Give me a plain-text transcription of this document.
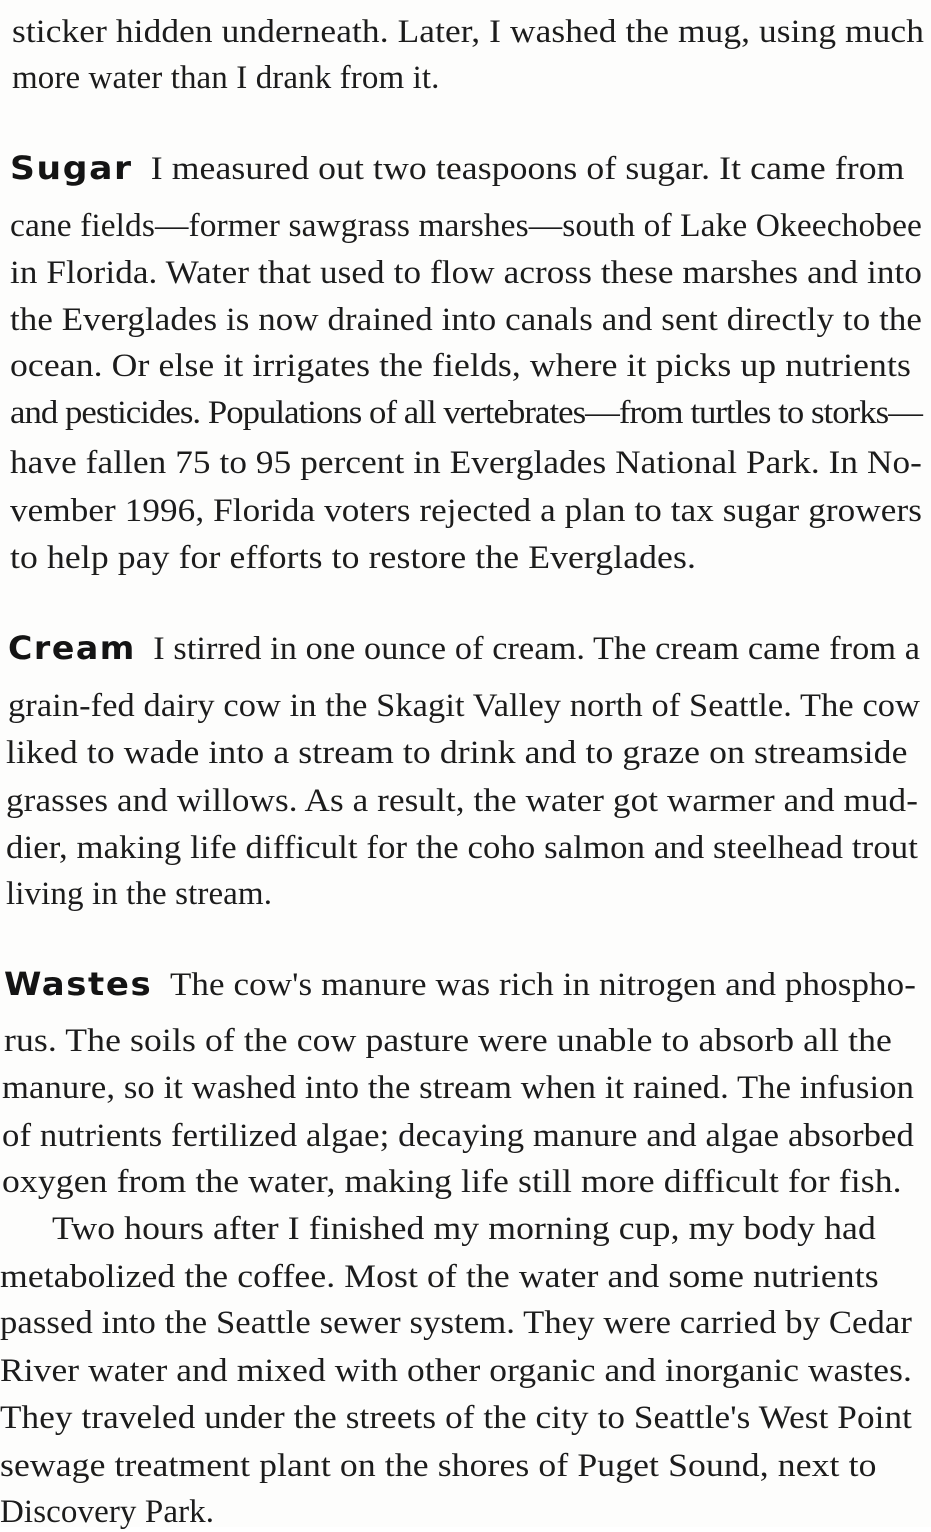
sticker hidden underneath. Later, I washed the mug, using much
more water than I drank from it.
Sugar I measured out two teaspoons of sugar. It came from
cane fields—former sawgrass marshes—south of Lake Okeechobee
in Florida. Water that used to flow across these marshes and into
the Everglades is now drained into canals and sent directly to the
ocean. Or else it irrigates the fields, where it picks up nutrients
and pesticides. Populations of all vertebrates—from turtles to storks—
have fallen 75 to 95 percent in Everglades National Park. In No-
vember 1996, Florida voters rejected a plan to tax sugar growers
to help pay for efforts to restore the Everglades.
Cream I stirred in one ounce of cream. The cream came from a
grain-fed dairy cow in the Skagit Valley north of Seattle. The cow
liked to wade into a stream to drink and to graze on streamside
grasses and willows. As a result, the water got warmer and mud-
dier, making life difficult for the coho salmon and steelhead trout
living in the stream.
Wastes The cow's manure was rich in nitrogen and phospho-
rus. The soils of the cow pasture were unable to absorb all the
manure, so it washed into the stream when it rained. The infusion
of nutrients fertilized algae; decaying manure and algae absorbed
oxygen from the water, making life still more difficult for fish.
Two hours after I finished my morning cup, my body had
metabolized the coffee. Most of the water and some nutrients
passed into the Seattle sewer system. They were carried by Cedar
River water and mixed with other organic and inorganic wastes.
They traveled under the streets of the city to Seattle's West Point
sewage treatment plant on the shores of Puget Sound, next to
Discovery Park.
